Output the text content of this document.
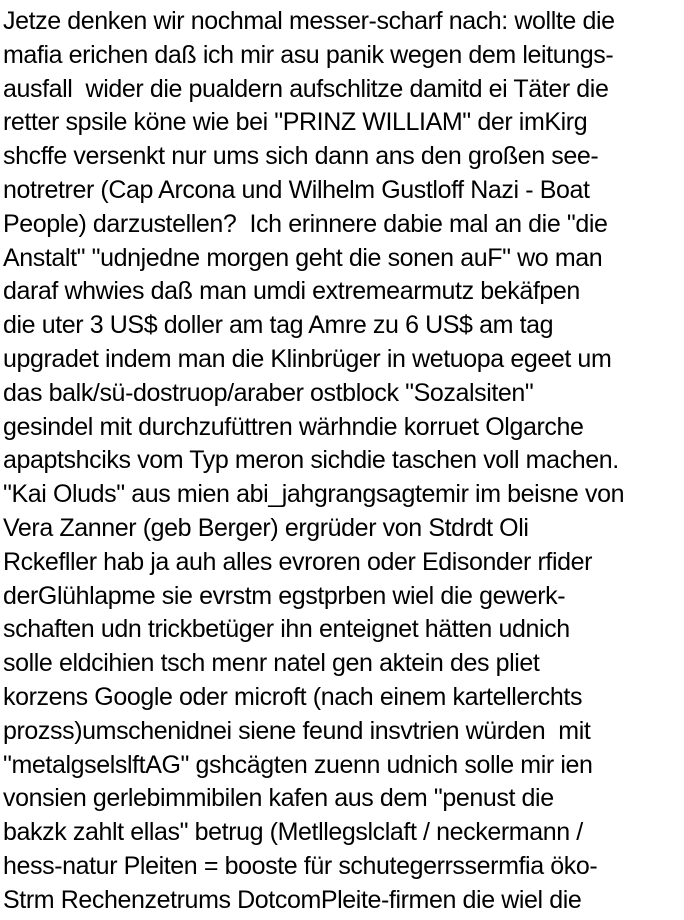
Jetze denken wir nochmal messer-scharf nach: wollte die
mafia erichen daß ich mir asu panik wegen dem leitungs-
ausfall  wider die pualdern aufschlitze damitd ei Täter die
retter spsile köne wie bei "PRINZ WILLIAM" der imKirg
shcffe versenkt nur ums sich dann ans den großen see-
notretrer (Cap Arcona und Wilhelm Gustloff Nazi - Boat
People) darzustellen?  Ich erinnere dabie mal an die "die
Anstalt" "udnjedne morgen geht die sonen auF" wo man
daraf whwies daß man umdi extremearmutz bekäfpen
die uter 3 US$ doller am tag Amre zu 6 US$ am tag
upgradet indem man die Klinbrüger in wetuopa egeet um
das balk/sü-dostruop/araber ostblock "Sozalsiten"
gesindel mit durchzufüttren wärhndie korruet Olgarche
apaptshciks vom Typ meron sichdie taschen voll machen.
"Kai Oluds" aus mien abi_jahgrangsagtemir im beisne von
Vera Zanner (geb Berger) ergrüder von Stdrdt Oli
Rckefller hab ja auh alles evroren oder Edisonder rfider
derGlühlapme sie evrstm egstprben wiel die gewerk-
schaften udn trickbetüger ihn enteignet hätten udnich
solle eldcihien tsch menr natel gen aktein des pliet
korzens Google oder microft (nach einem kartellerchts
prozss)umschenidnei siene feund insvtrien würden  mit
"metalgselslftAG" gshcägten zuenn udnich solle mir ien
vonsien gerlebimmibilen kafen aus dem "penust die
bakzk zahlt ellas" betrug (Metllegslclaft / neckermann /
hess-natur Pleiten = booste für schutegerrssermfia öko-
Strm Rechenzetrums DotcomPleite-firmen die wiel die
